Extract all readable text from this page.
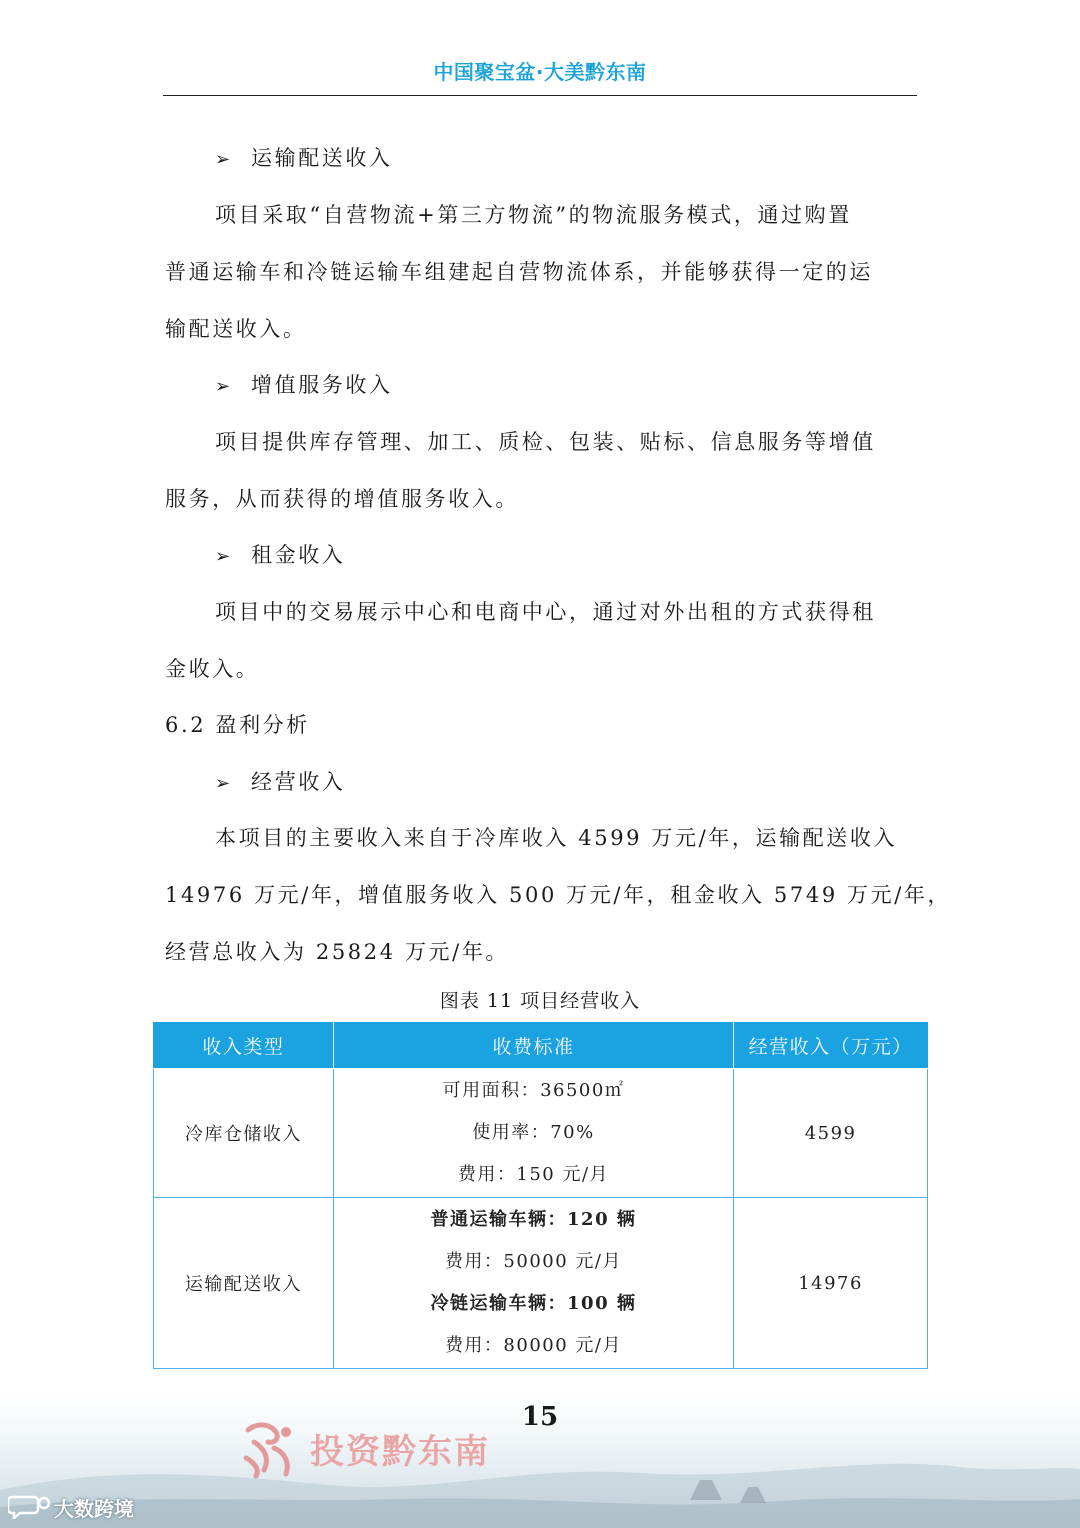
中国聚宝盆·大美黔东南
➢ 运输配送收入
项目采取“自营物流+第三方物流”的物流服务模式，通过购置
普通运输车和冷链运输车组建起自营物流体系，并能够获得一定的运
输配送收入。
➢ 增值服务收入
项目提供库存管理、加工、质检、包装、贴标、信息服务等增值
服务，从而获得的增值服务收入。
➢ 租金收入
项目中的交易展示中心和电商中心，通过对外出租的方式获得租
金收入。
6.2 盈利分析
➢ 经营收入
本项目的主要收入来自于冷库收入 4599 万元/年，运输配送收入
14976 万元/年，增值服务收入 500 万元/年，租金收入 5749 万元/年，
经营总收入为 25824 万元/年。
图表 11 项目经营收入
收入类型	收费标准	经营收入（万元）
冷库仓储收入	可用面积：36500㎡
使用率：70%
费用：150 元/月	4599
运输配送收入	普通运输车辆：120 辆
费用：50000 元/月
冷链运输车辆：100 辆
费用：80000 元/月	14976
15
投资黔东南
大数跨境
